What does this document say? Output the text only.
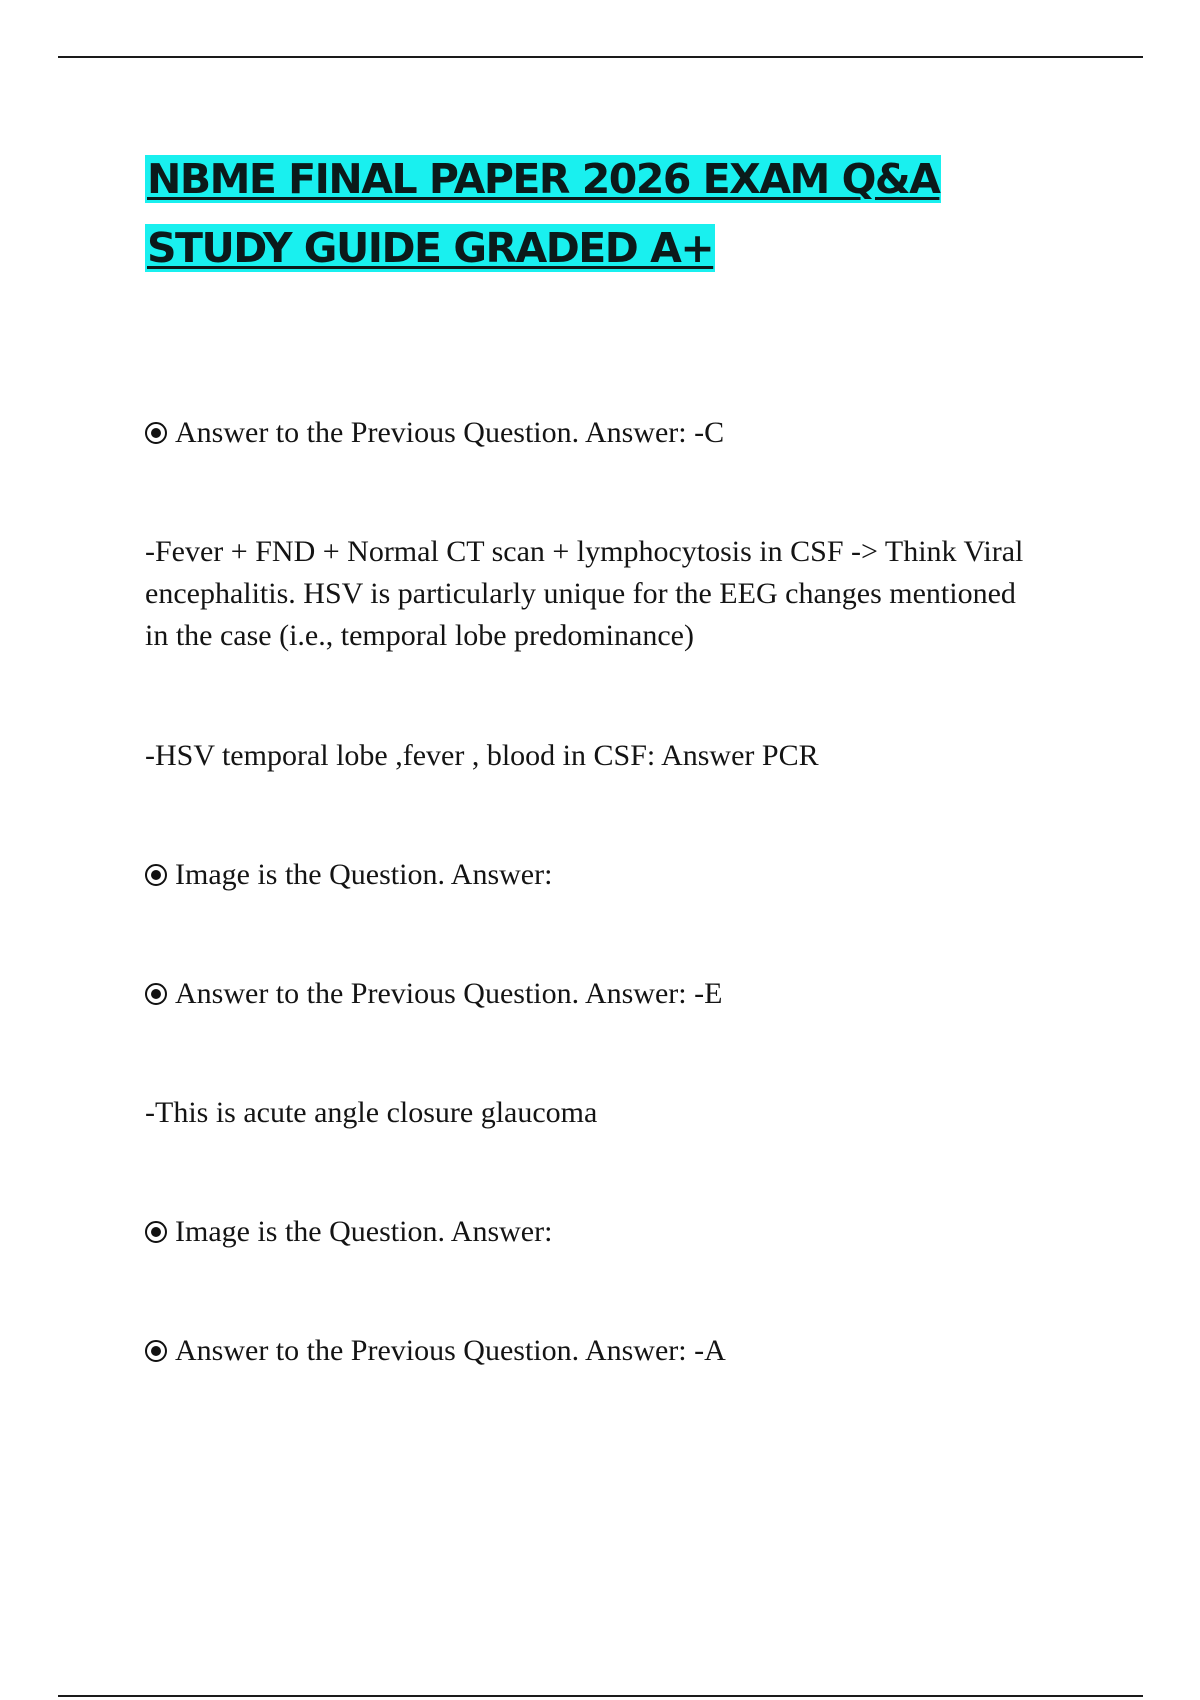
NBME FINAL PAPER 2026 EXAM Q&A STUDY GUIDE GRADED A+

Answer to the Previous Question. Answer: -C

-Fever + FND + Normal CT scan + lymphocytosis in CSF -> Think Viral encephalitis. HSV is particularly unique for the EEG changes mentioned in the case (i.e., temporal lobe predominance)

-HSV temporal lobe ,fever , blood in CSF: Answer PCR

Image is the Question. Answer:

Answer to the Previous Question. Answer: -E

-This is acute angle closure glaucoma

Image is the Question. Answer:

Answer to the Previous Question. Answer: -A
